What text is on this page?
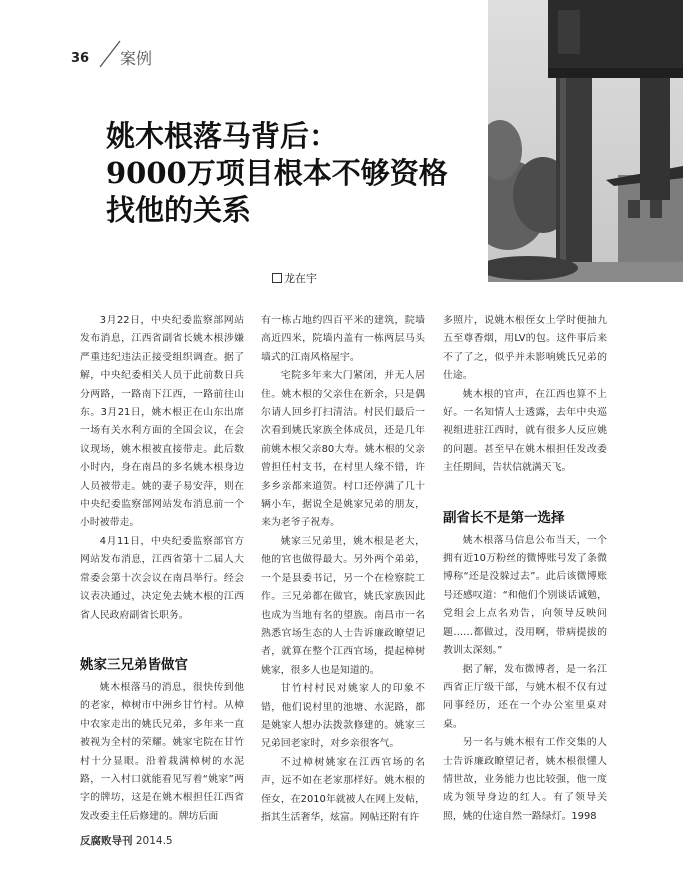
36 案例
姚木根落马背后：
9000万项目根本不够资格
找他的关系
龙在宇

3月22日，中央纪委监察部网站发布消息，江西省副省长姚木根涉嫌严重违纪违法正接受组织调查。据了解，中央纪委相关人员于此前数日兵分两路，一路南下江西，一路前往山东。3月21日，姚木根正在山东出席一场有关水利方面的全国会议，在会议现场，姚木根被直接带走。此后数小时内，身在南昌的多名姚木根身边人员被带走。姚的妻子易安萍，则在中央纪委监察部网站发布消息前一个小时被带走。

4月11日，中央纪委监察部官方网站发布消息，江西省第十二届人大常委会第十次会议在南昌举行。经会议表决通过，决定免去姚木根的江西省人民政府副省长职务。

姚家三兄弟皆做官

姚木根落马的消息，很快传到他的老家，樟树市中洲乡甘竹村。从樟中农家走出的姚氏兄弟，多年来一直被视为全村的荣耀。姚家宅院在甘竹村十分显眼。沿着栽满樟树的水泥路，一入村口就能看见写着“姚家”两字的牌坊，这是在姚木根担任江西省发改委主任后修建的。牌坊后面

有一栋占地约四百平米的建筑，院墙高近四米，院墙内盖有一栋两层马头墙式的江南风格屋宇。

宅院多年来大门紧闭，并无人居住。姚木根的父亲住在新余，只是偶尔请人回乡打扫清洁。村民们最后一次看到姚氏家族全体成员，还是几年前姚木根父亲80大寿。姚木根的父亲曾担任村支书，在村里人缘不错，许多乡亲都来道贺。村口还停满了几十辆小车，据说全是姚家兄弟的朋友，来为老爷子祝寿。

姚家三兄弟里，姚木根是老大，他的官也做得最大。另外两个弟弟，一个是县委书记，另一个在检察院工作。三兄弟都在做官，姚氏家族因此也成为当地有名的望族。南昌市一名熟悉官场生态的人士告诉廉政瞭望记者，就算在整个江西官场，提起樟树姚家，很多人也是知道的。

甘竹村村民对姚家人的印象不错，他们说村里的池塘、水泥路，都是姚家人想办法拨款修建的。姚家三兄弟回老家时，对乡亲很客气。

不过樟树姚家在江西官场的名声，远不如在老家那样好。姚木根的侄女，在2010年就被人在网上发帖，指其生活奢华，炫富。网帖还附有许

多照片，说姚木根侄女上学时便抽九五至尊香烟，用LV的包。这件事后来不了了之，似乎并未影响姚氏兄弟的仕途。

姚木根的官声，在江西也算不上好。一名知情人士透露，去年中央巡视组进驻江西时，就有很多人反应姚的问题。甚至早在姚木根担任发改委主任期间，告状信就满天飞。

副省长不是第一选择

姚木根落马信息公布当天，一个拥有近10万粉丝的微博账号发了条微博称“还是没躲过去”。此后该微博账号还感叹道：“和他们个别谈话诚勉，党组会上点名劝告，向领导反映问题……都做过，没用啊，带病提拔的教训太深刻。”

据了解，发布微博者，是一名江西省正厅级干部，与姚木根不仅有过同事经历，还在一个办公室里桌对桌。

另一名与姚木根有工作交集的人士告诉廉政瞭望记者，姚木根很懂人情世故，业务能力也比较强，他一度成为领导身边的红人。有了领导关照，姚的仕途自然一路绿灯。1998

反腐败导刊 2014.5
